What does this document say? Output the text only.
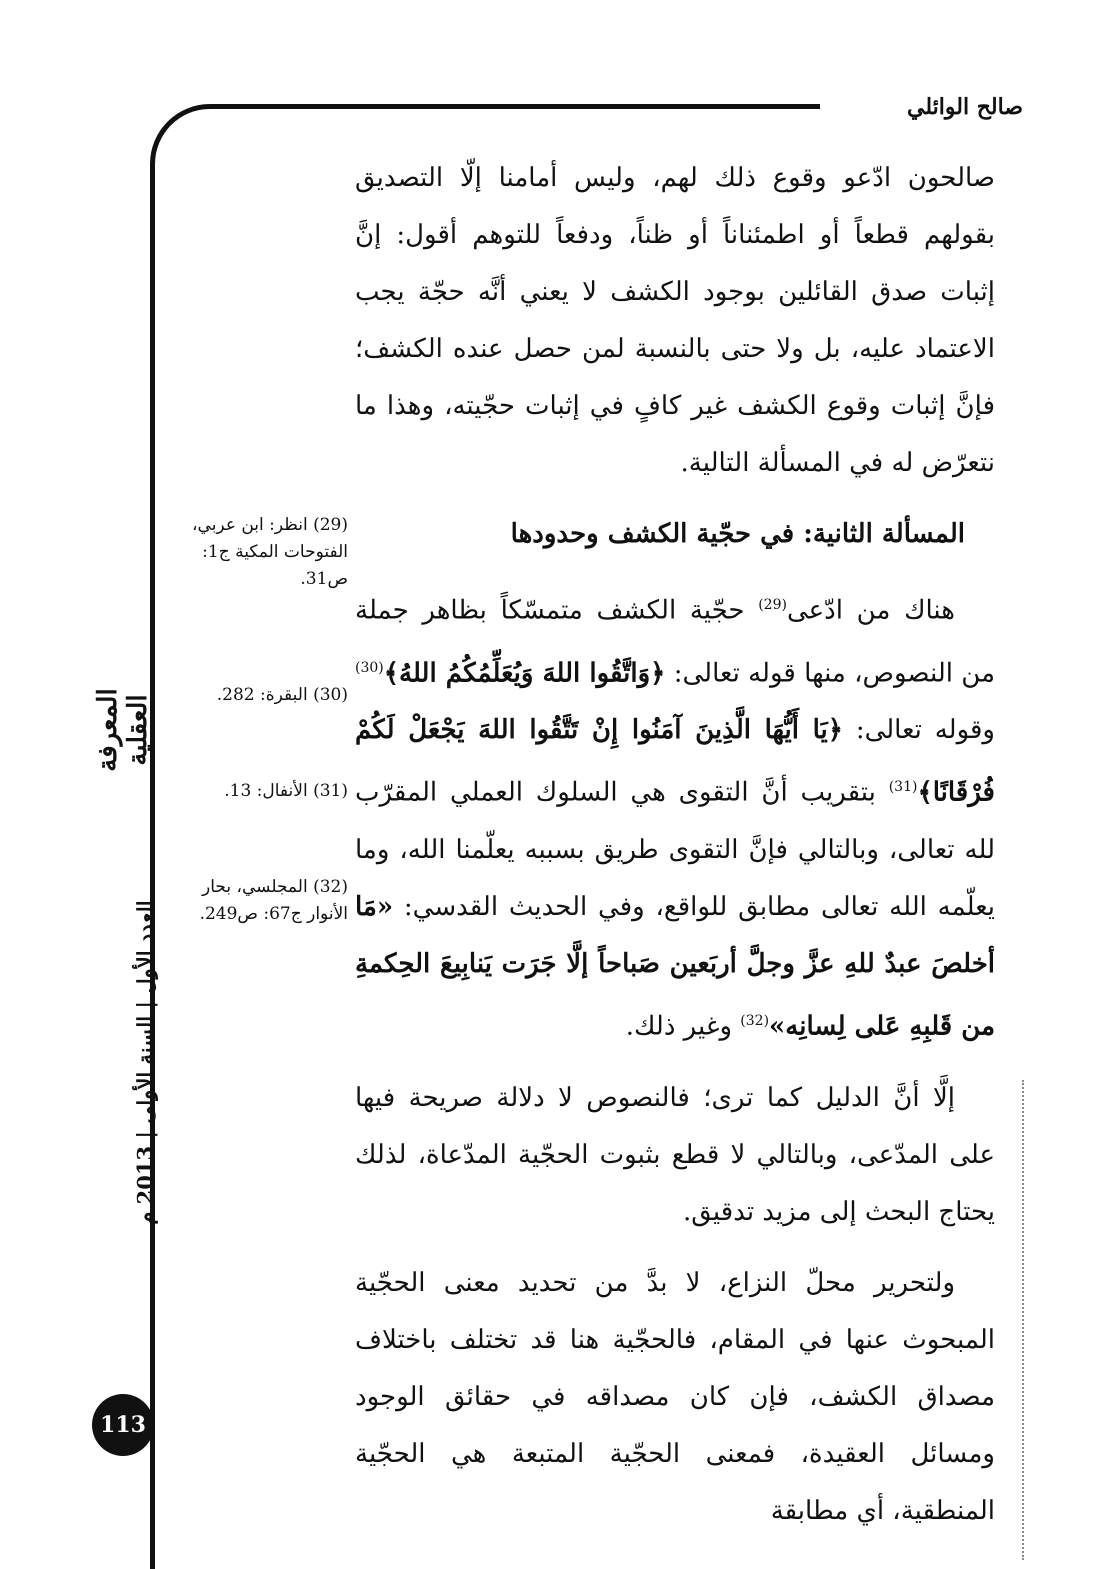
صالح الوائلي

صالحون ادّعو وقوع ذلك لهم، وليس أمامنا إلّا التصديق بقولهم قطعاً أو اطمئناناً أو ظناً، ودفعاً للتوهم أقول: إنَّ إثبات صدق القائلين بوجود الكشف لا يعني أنَّه حجّة يجب الاعتماد عليه، بل ولا حتى بالنسبة لمن حصل عنده الكشف؛ فإنَّ إثبات وقوع الكشف غير كافٍ في إثبات حجّيته، وهذا ما نتعرّض له في المسألة التالية.

المسألة الثانية: في حجّية الكشف وحدودها

هناك من ادّعى$^{(29)}$ حجّية الكشف متمسّكاً بظاهر جملة من النصوص، منها قوله تعالى: ﴿وَاتَّقُوا اللهَ وَيُعَلِّمُكُمُ اللهُ﴾$^{(30)}$ وقوله تعالى: ﴿يَا أَيُّهَا الَّذِينَ آمَنُوا إِنْ تَتَّقُوا اللهَ يَجْعَلْ لَكُمْ فُرْقَانًا﴾$^{(31)}$ بتقريب أنَّ التقوى هي السلوك العملي المقرّب لله تعالى، وبالتالي فإنَّ التقوى طريق بسببه يعلّمنا الله، وما يعلّمه الله تعالى مطابق للواقع، وفي الحديث القدسي: «مَا أخلصَ عبدٌ للهِ عزَّ وجلَّ أربَعين صَباحاً إلَّا جَرَت يَنابِيعَ الحِكمةِ من قَلبِهِ عَلى لِسانِه»$^{(32)}$ وغير ذلك.

إلَّا أنَّ الدليل كما ترى؛ فالنصوص لا دلالة صريحة فيها على المدّعى، وبالتالي لا قطع بثبوت الحجّية المدّعاة، لذلك يحتاج البحث إلى مزيد تدقيق.

ولتحرير محلّ النزاع، لا بدَّ من تحديد معنى الحجّية المبحوث عنها في المقام، فالحجّية هنا قد تختلف باختلاف مصداق الكشف، فإن كان مصداقه في حقائق الوجود ومسائل العقيدة، فمعنى الحجّية المتبعة هي الحجّية المنطقية، أي مطابقة

(29) انظر: ابن عربي، الفتوحات المكية ج1: ص31.
(30) البقرة: 282.
(31) الأنفال: 13.
(32) المجلسي، بحار الأنوار ج67: ص249.
المعرفة العقلية
العدد الأول | السنة الأولى | 2013 م
113
